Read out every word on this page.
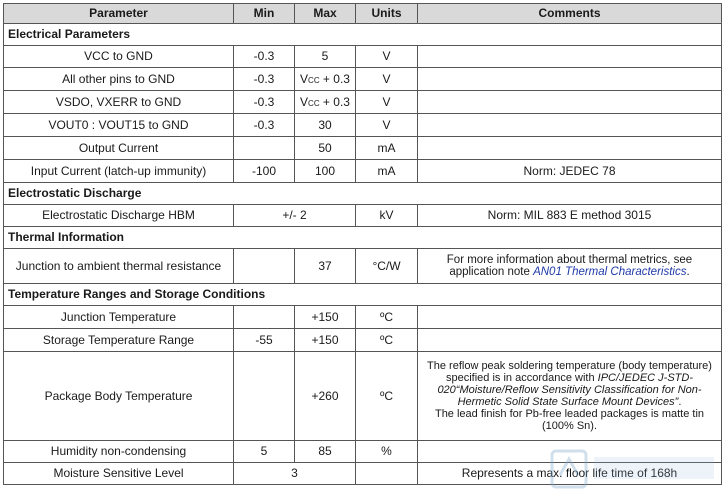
Parameter	Min	Max	Units	Comments
Electrical Parameters				
VCC to GND	-0.3	5	V	
All other pins to GND	-0.3	Vcc + 0.3	V	
VSDO, VXERR to GND	-0.3	Vcc + 0.3	V	
VOUT0 : VOUT15 to GND	-0.3	30	V	
Output Current		50	mA	
Input Current (latch-up immunity)	-100	100	mA	Norm: JEDEC 78
Electrostatic Discharge				
Electrostatic Discharge HBM	+/- 2		kV	Norm: MIL 883 E method 3015
Thermal Information				
Junction to ambient thermal resistance		37	°C/W	For more information about thermal metrics, see application note AN01 Thermal Characteristics.
Temperature Ranges and Storage Conditions				
Junction Temperature		+150	ºC	
Storage Temperature Range	-55	+150	ºC	
Package Body Temperature		+260	ºC	The reflow peak soldering temperature (body temperature) specified is in accordance with IPC/JEDEC J-STD-020“Moisture/Reflow Sensitivity Classification for Non-Hermetic Solid State Surface Mount Devices”.
The lead finish for Pb-free leaded packages is matte tin (100% Sn).
Humidity non-condensing	5	85	%	
Moisture Sensitive Level	3			Represents a max. floor life time of 168h
